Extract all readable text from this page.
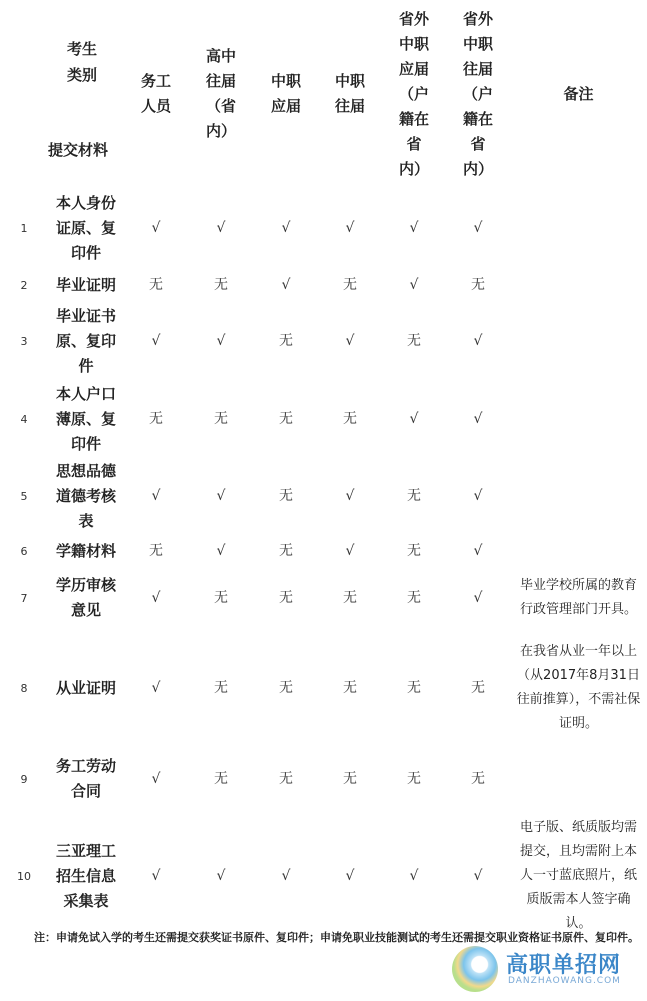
考生类别
提交材料		务工人员	高中往届（省内）	中职应届	中职往届	省外中职应届（户籍在省内）	省外中职往届（户籍在省内）	备注
1	本人身份证原、复印件	√	√	√	√	√	√	
2	毕业证明	无	无	√	无	√	无	
3	毕业证书原、复印件	√	√	无	√	无	√	
4	本人户口薄原、复印件	无	无	无	无	√	√	
5	思想品德道德考核表	√	√	无	√	无	√	
6	学籍材料	无	√	无	√	无	√	
7	学历审核意见	√	无	无	无	无	√	毕业学校所属的教育行政管理部门开具。
8	从业证明	√	无	无	无	无	无	在我省从业一年以上（从2017年8月31日往前推算），不需社保证明。
9	务工劳动合同	√	无	无	无	无	无	
10	三亚理工招生信息采集表	√	√	√	√	√	√	电子版、纸质版均需提交，且均需附上本人一寸蓝底照片，纸质版需本人签字确认。
注：申请免试入学的考生还需提交获奖证书原件、复印件；申请免职业技能测试的考生还需提交职业资格证书原件、复印件。
高职单招网
DANZHAOWANG.COM
